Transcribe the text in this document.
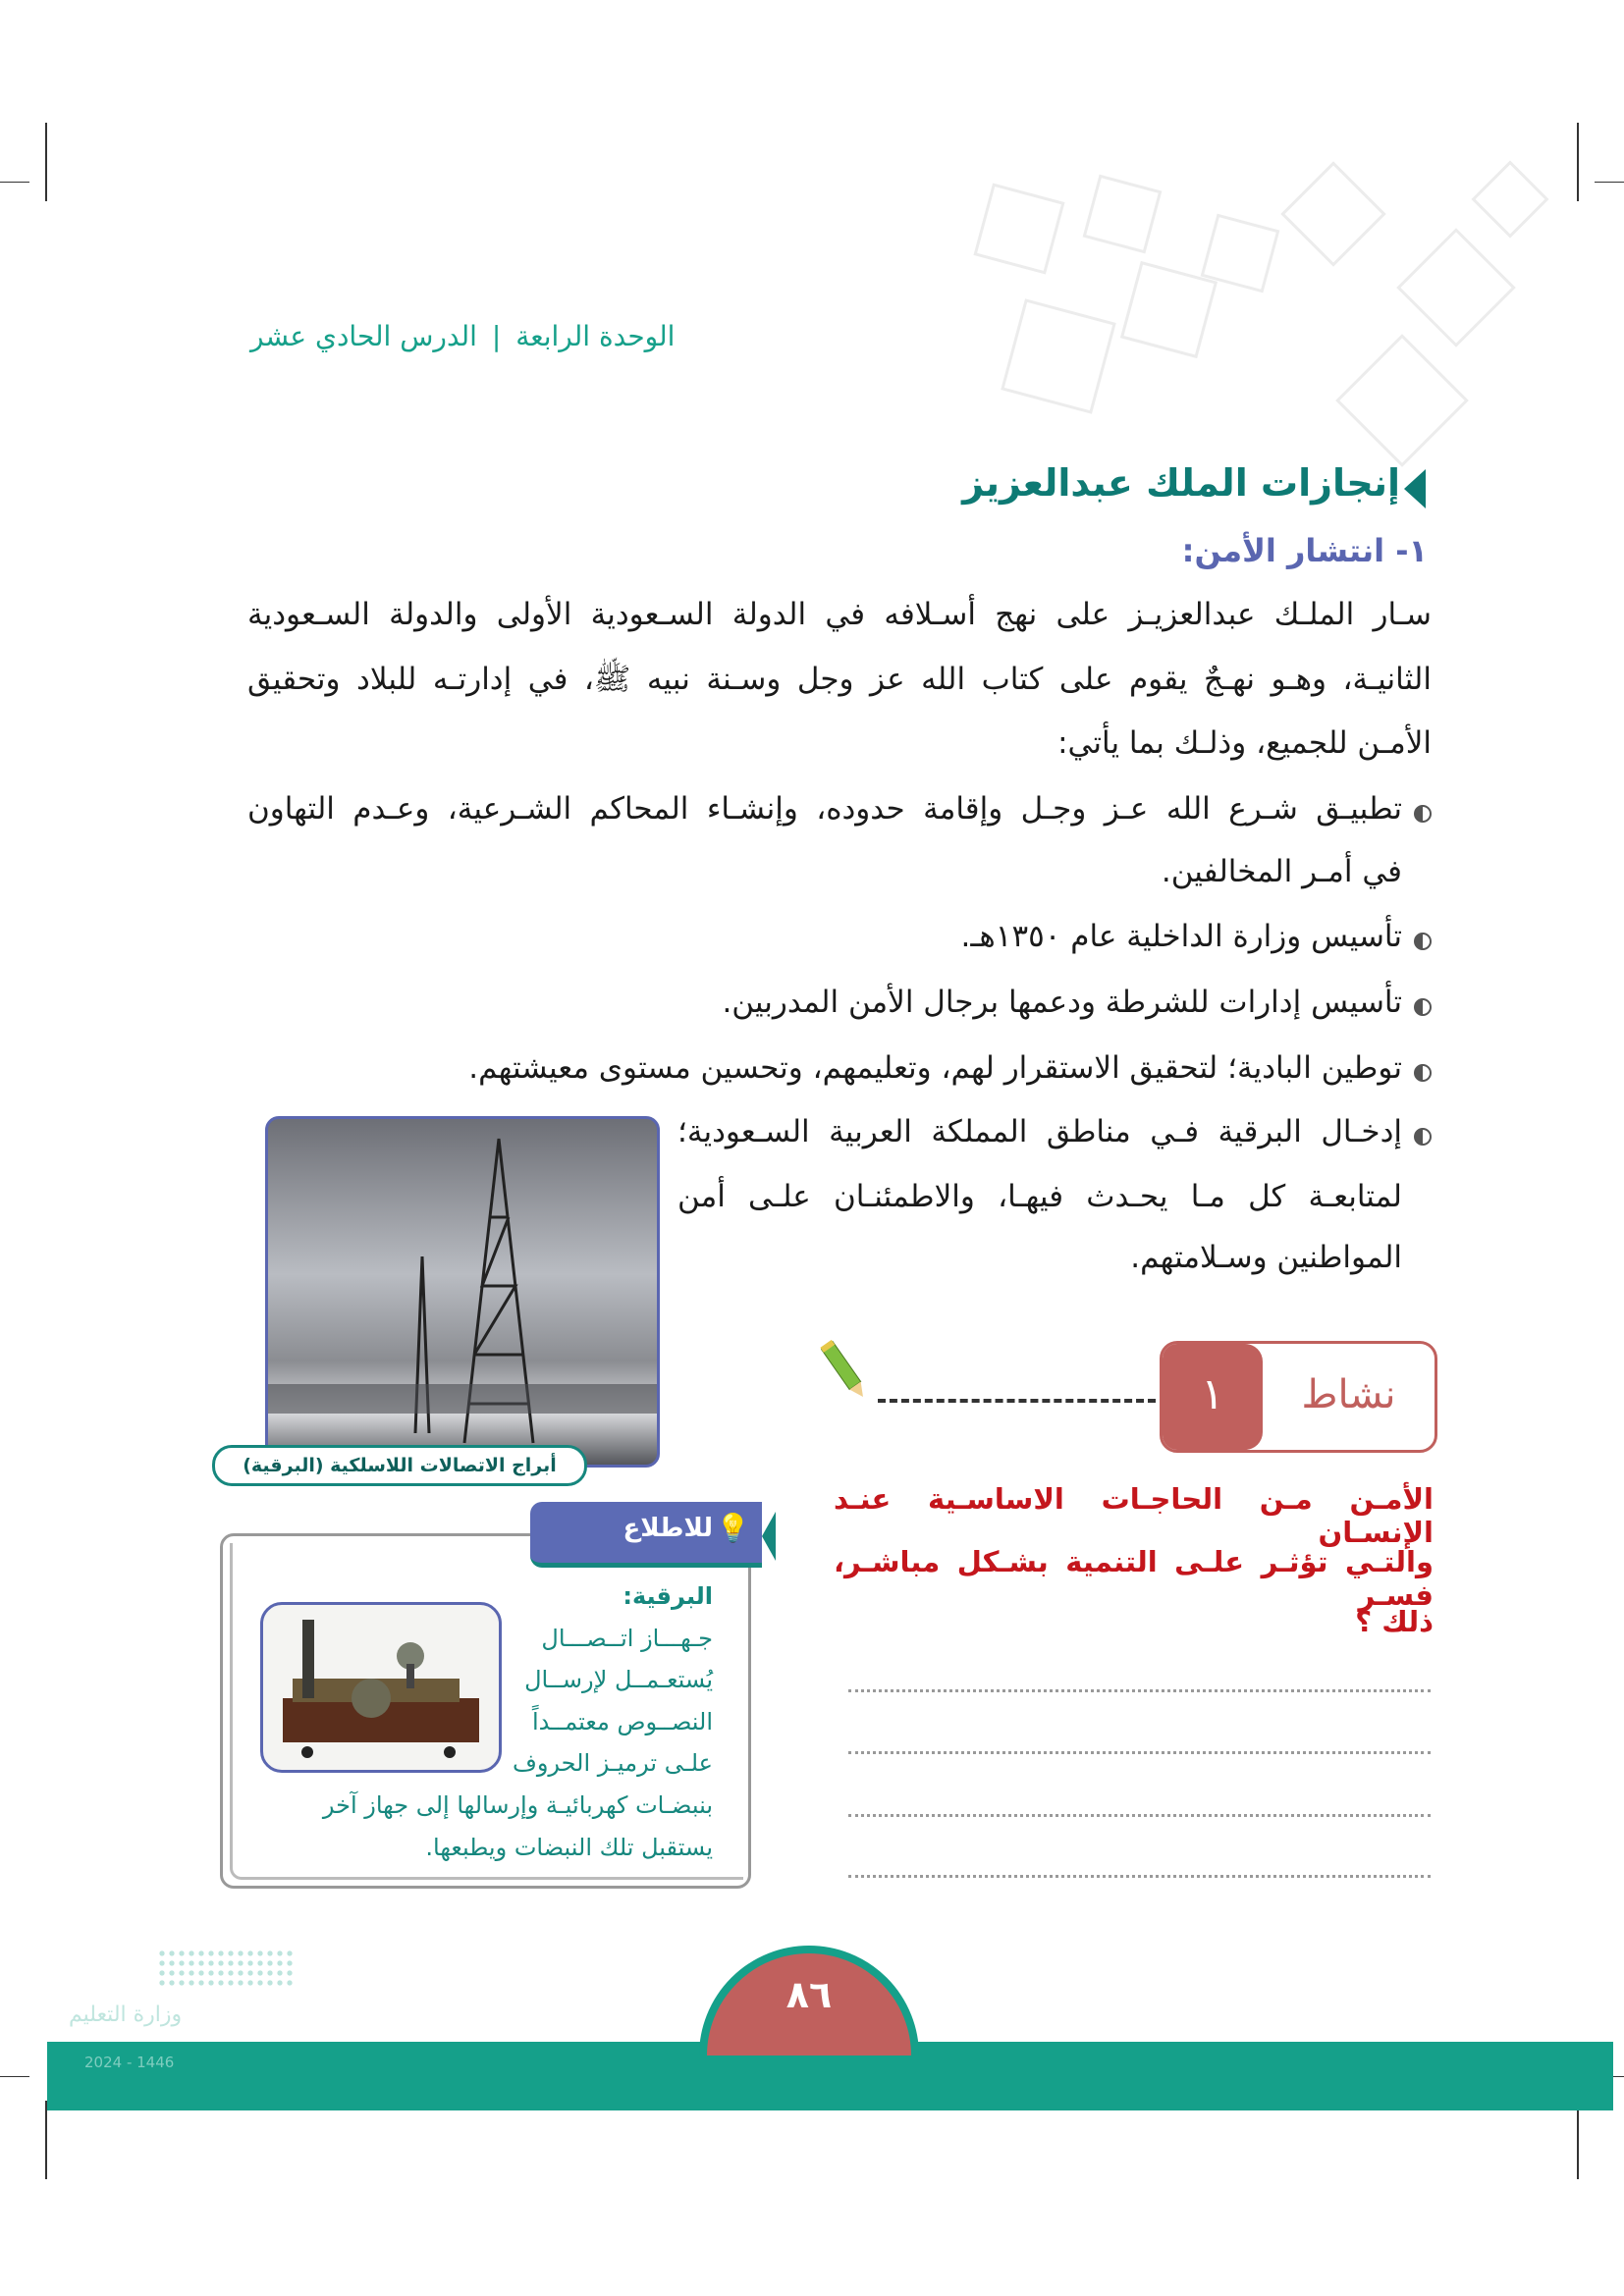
الوحدة الرابعة | الدرس الحادي عشر
إنجازات الملك عبدالعزيز
١- انتشار الأمن:
سـار الملـك عبدالعزيـز على نهج أسـلافه في الدولة السـعودية الأولى والدولة السـعودية
الثانيـة، وهـو نهـجٌ يقوم على كتاب الله عز وجل وسـنة نبيه ﷺ، في إدارتـه للبلاد وتحقيق
الأمـن للجميع، وذلـك بما يأتي:
تطبيـق شـرع الله عـز وجـل وإقامة حدوده، وإنشـاء المحاكم الشـرعية، وعـدم التهاون
في أمـر المخالفين.
تأسيس وزارة الداخلية عام ١٣٥٠هـ.
تأسيس إدارات للشرطة ودعمها برجال الأمن المدربين.
توطين البادية؛ لتحقيق الاستقرار لهم، وتعليمهم، وتحسين مستوى معيشتهم.
إدخـال البرقية فـي مناطق المملكة العربية السـعودية؛
لمتابعـة كل مـا يحـدث فيهـا، والاطمئنـان علـى أمن
المواطنين وسـلامتهم.
أبراج الاتصالات اللاسلكية (البرقية)
١	نشاط
الأمـن مـن الحاجـات الاساسـية عنـد الإنسـان
والتـي تؤثـر علـى التنمية بشـكل مباشـر، فسـر
ذلك ؟
للاطلاع 💡
البرقية:
جـهـــاز اتــصـــال
يُستعـمــل لإرســال
النصــوص معتمــداً
علـى ترميـز الحروف
بنبضـات كهربائيـة وإرسالها إلى جهاز آخر
يستقبل تلك النبضات ويطبعها.
٨٦
وزارة التعليم
2024 - 1446
